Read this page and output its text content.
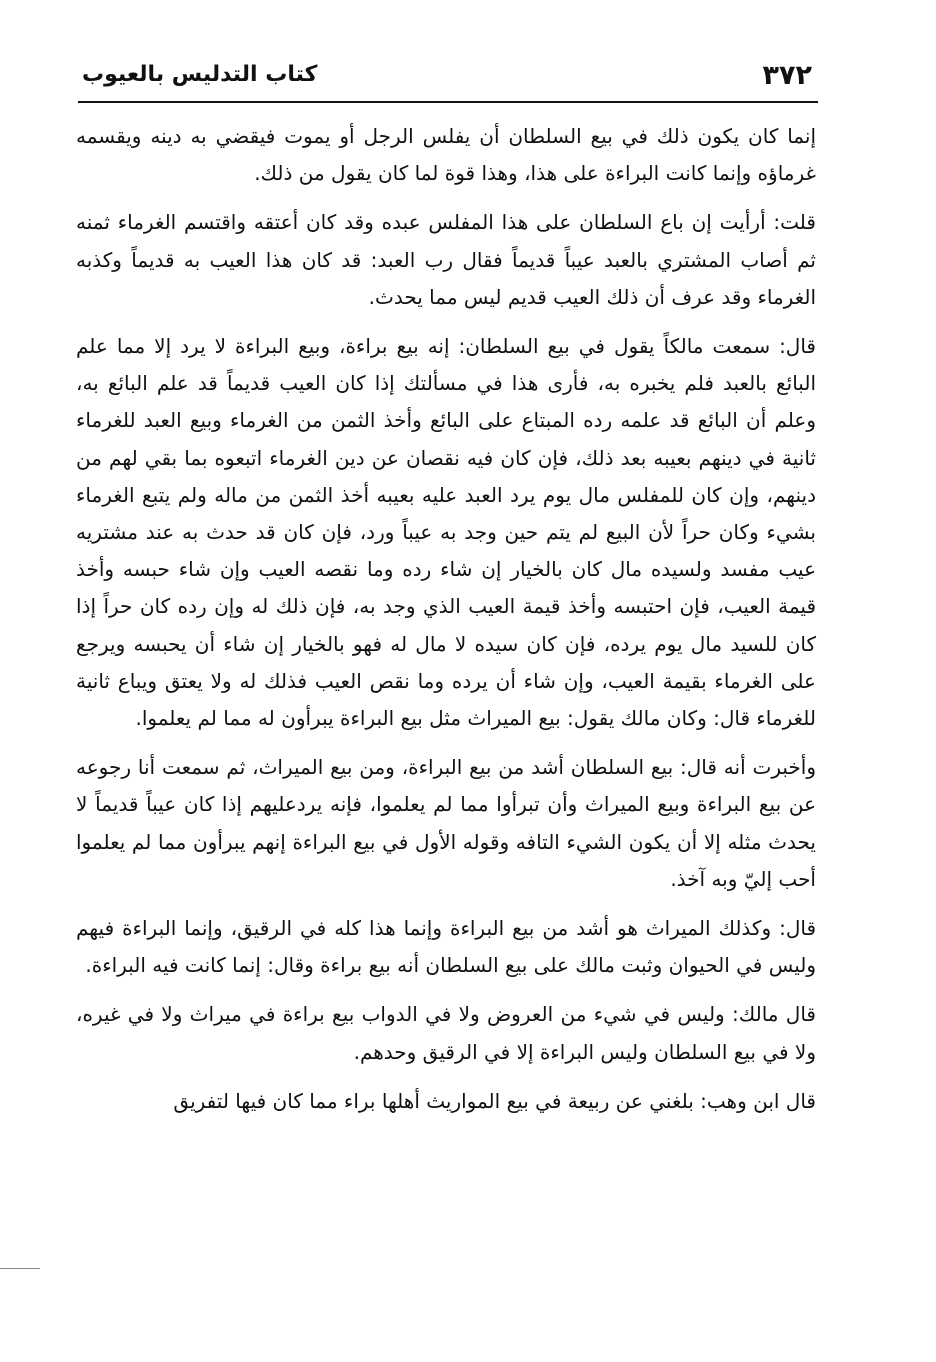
٣٧٢
كتاب التدليس بالعيوب

إنما كان يكون ذلك في بيع السلطان أن يفلس الرجل أو يموت فيقضي به دينه ويقسمه غرماؤه وإنما كانت البراءة على هذا، وهذا قوة لما كان يقول من ذلك.

قلت: أرأيت إن باع السلطان على هذا المفلس عبده وقد كان أعتقه واقتسم الغرماء ثمنه ثم أصاب المشتري بالعبد عيباً قديماً فقال رب العبد: قد كان هذا العيب به قديماً وكذبه الغرماء وقد عرف أن ذلك العيب قديم ليس مما يحدث.

قال: سمعت مالكاً يقول في بيع السلطان: إنه بيع براءة، وبيع البراءة لا يرد إلا مما علم البائع بالعبد فلم يخبره به، فأرى هذا في مسألتك إذا كان العيب قديماً قد علم البائع به، وعلم أن البائع قد علمه رده المبتاع على البائع وأخذ الثمن من الغرماء وبيع العبد للغرماء ثانية في دينهم بعيبه بعد ذلك، فإن كان فيه نقصان عن دين الغرماء اتبعوه بما بقي لهم من دينهم، وإن كان للمفلس مال يوم يرد العبد عليه بعيبه أخذ الثمن من ماله ولم يتبع الغرماء بشيء وكان حراً لأن البيع لم يتم حين وجد به عيباً ورد، فإن كان قد حدث به عند مشتريه عيب مفسد ولسيده مال كان بالخيار إن شاء رده وما نقصه العيب وإن شاء حبسه وأخذ قيمة العيب، فإن احتبسه وأخذ قيمة العيب الذي وجد به، فإن ذلك له وإن رده كان حراً إذا كان للسيد مال يوم يرده، فإن كان سيده لا مال له فهو بالخيار إن شاء أن يحبسه ويرجع على الغرماء بقيمة العيب، وإن شاء أن يرده وما نقص العيب فذلك له ولا يعتق ويباع ثانية للغرماء قال: وكان مالك يقول: بيع الميراث مثل بيع البراءة يبرأون له مما لم يعلموا.

وأخبرت أنه قال: بيع السلطان أشد من بيع البراءة، ومن بيع الميراث، ثم سمعت أنا رجوعه عن بيع البراءة وبيع الميراث وأن تبرأوا مما لم يعلموا، فإنه يردعليهم إذا كان عيباً قديماً لا يحدث مثله إلا أن يكون الشيء التافه وقوله الأول في بيع البراءة إنهم يبرأون مما لم يعلموا أحب إليّ وبه آخذ.

قال: وكذلك الميراث هو أشد من بيع البراءة وإنما هذا كله في الرقيق، وإنما البراءة فيهم وليس في الحيوان وثبت مالك على بيع السلطان أنه بيع براءة وقال: إنما كانت فيه البراءة.

قال مالك: وليس في شيء من العروض ولا في الدواب بيع براءة في ميراث ولا في غيره، ولا في بيع السلطان وليس البراءة إلا في الرقيق وحدهم.

قال ابن وهب: بلغني عن ربيعة في بيع المواريث أهلها براء مما كان فيها لتفريق
